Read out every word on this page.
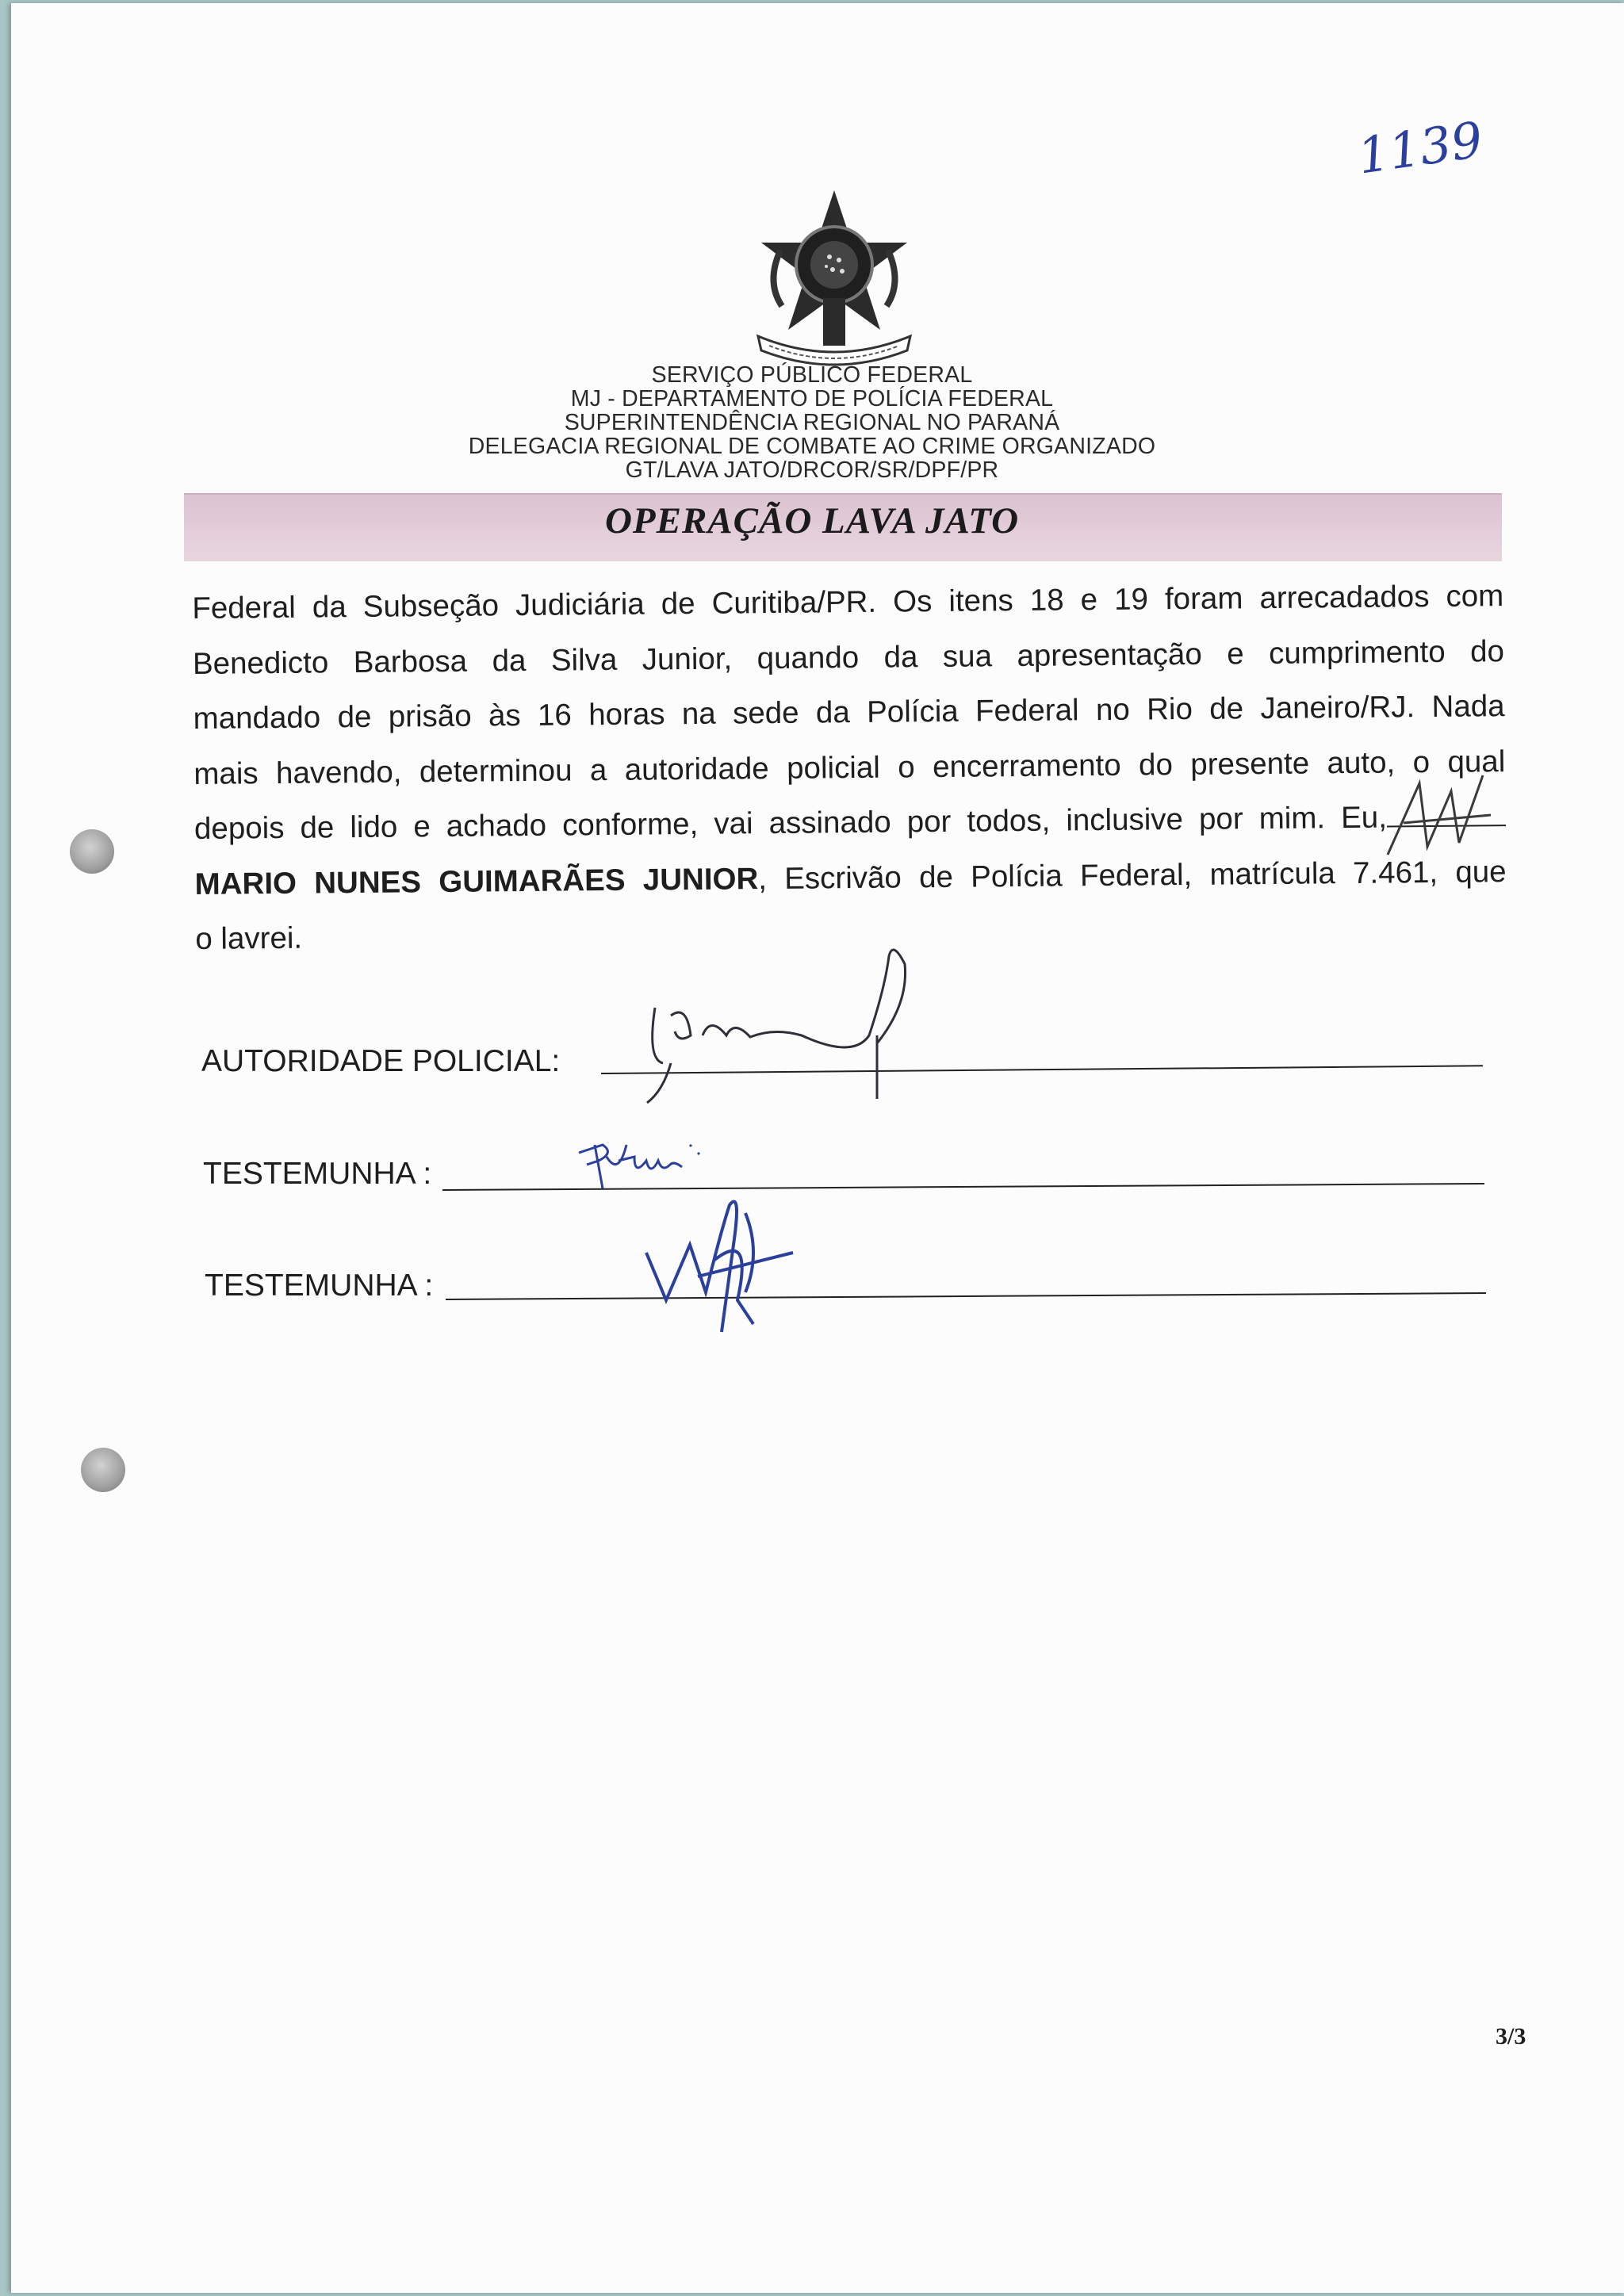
1139
SERVIÇO PÚBLICO FEDERAL
MJ - DEPARTAMENTO DE POLÍCIA FEDERAL
SUPERINTENDÊNCIA REGIONAL NO PARANÁ
DELEGACIA REGIONAL DE COMBATE AO CRIME ORGANIZADO
GT/LAVA JATO/DRCOR/SR/DPF/PR
OPERAÇÃO LAVA JATO

Federal da Subseção Judiciária de Curitiba/PR. Os itens 18 e 19 foram arrecadados com

Benedicto Barbosa da Silva Junior, quando da sua apresentação e cumprimento do

mandado de prisão às 16 horas na sede da Polícia Federal no Rio de Janeiro/RJ. Nada

mais havendo, determinou a autoridade policial o encerramento do presente auto, o qual

depois de lido e achado conforme, vai assinado por todos, inclusive por mim. Eu,

MARIO NUNES GUIMARÃES JUNIOR, Escrivão de Polícia Federal, matrícula 7.461, que

o lavrei.

AUTORIDADE POLICIAL:
TESTEMUNHA :
TESTEMUNHA :
3/3
